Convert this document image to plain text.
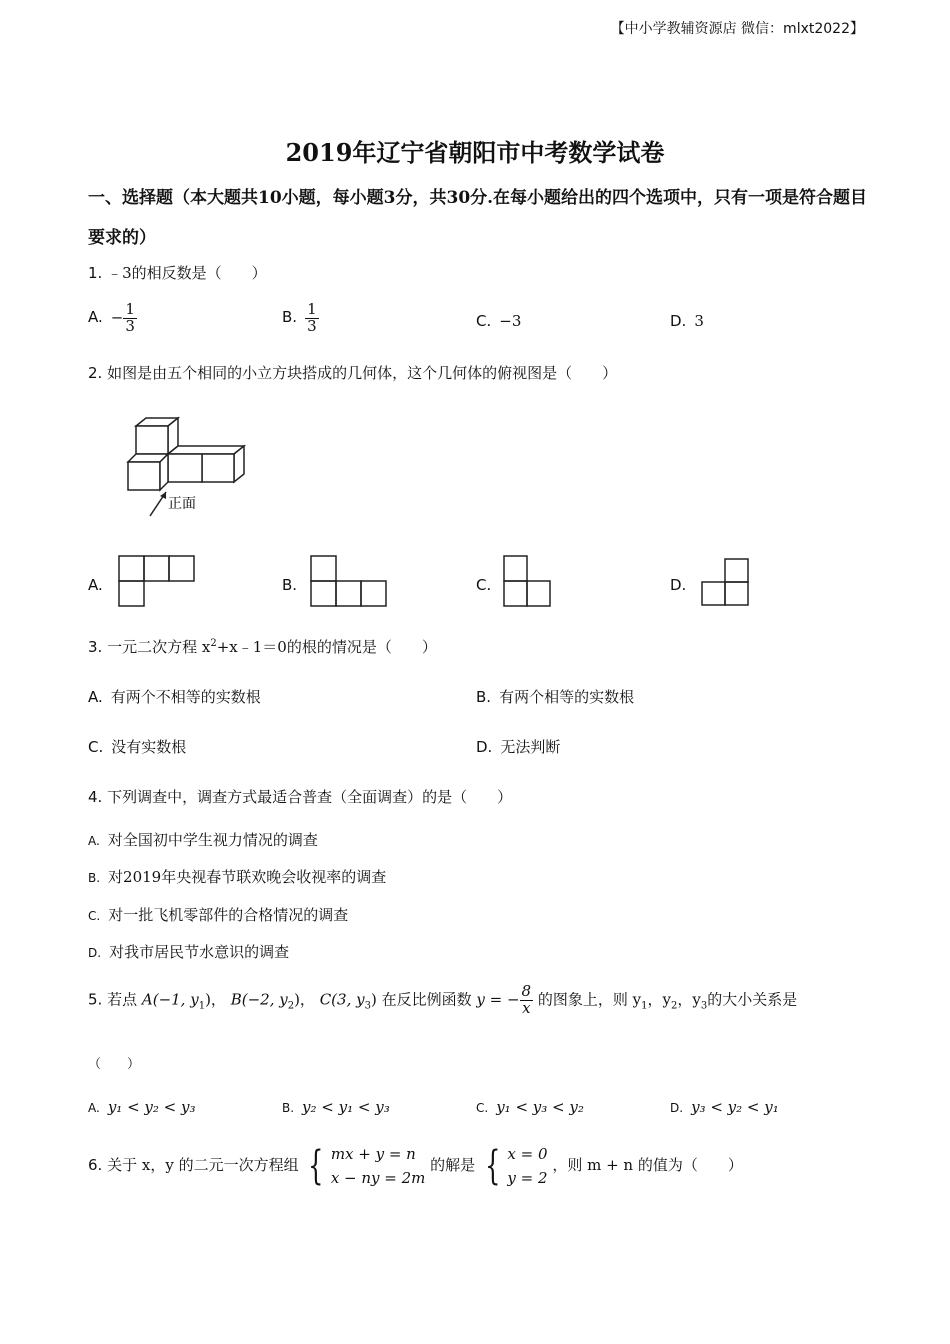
【中小学教辅资源店 微信：mlxt2022】
2019年辽宁省朝阳市中考数学试卷
一、选择题（本大题共10小题，每小题3分，共30分.在每小题给出的四个选项中，只有一项是符合题目要求的）
1. ﹣3的相反数是（　　）
A. − $\frac{1}{3}$	B. $\frac{1}{3}$	C. −3	D. 3
2. 如图是由五个相同的小立方块搭成的几何体，这个几何体的俯视图是（　　）
正面
A.	B.	C.	D.
3. 一元二次方程 $x^2+x﹣1=0$的根的情况是（　　）
A. 有两个不相等的实数根	B. 有两个相等的实数根
C. 没有实数根	D. 无法判断
4. 下列调查中，调查方式最适合普查（全面调查）的是（　　）
A. 对全国初中学生视力情况的调查
B. 对2019年央视春节联欢晚会收视率的调查
C. 对一批飞机零部件的合格情况的调查
D. 对我市居民节水意识的调查
5. 若点 A(−1, $y_1$)， B(−2, $y_2$)， C(3, $y_3$) 在反比例函数 y = − $\frac{8}{x}$ 的图象上，则 $y_1$，$y_2$，$y_3$的大小关系是
（　　）
A. y₁ < y₂ < y₃	B. y₂ < y₁ < y₃	C. y₁ < y₃ < y₂	D. y₃ < y₂ < y₁
6. 关于 x，y 的二元一次方程组 { mx + y = n
x − ny = 2m
的解是 { x = 0
y = 2
，则 m + n 的值为（　　）
